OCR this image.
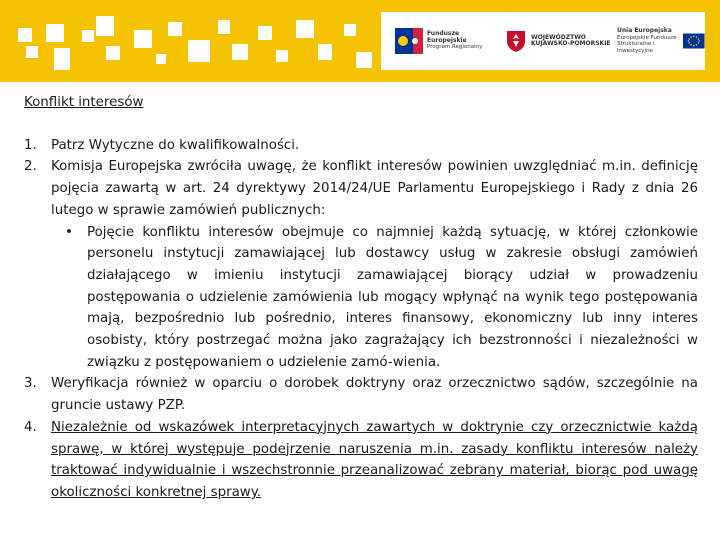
Fundusze
Europejskie
Program Regionalny
WOJEWÓDZTWO
KUJAWSKO-POMORSKIE
Unia Europejska
Europejskie Fundusze
Strukturalne i Inwestycyjne
Konflikt interesów
1.	Patrz Wytyczne do kwalifikowalności.
2.	Komisja Europejska zwróciła uwagę, że konflikt interesów powinien uwzględniać m.in. definicję pojęcia zawartą w art. 24 dyrektywy 2014/24/UE Parlamentu Europejskiego i Rady z dnia 26 lutego w sprawie zamówień publicznych:
•	Pojęcie konfliktu interesów obejmuje co najmniej każdą sytuację, w której członkowie personelu instytucji zamawiającej lub dostawcy usług w zakresie obsługi zamówień działającego w imieniu instytucji zamawiającej biorący udział w prowadzeniu postępowania o udzielenie zamówienia lub mogący wpłynąć na wynik tego postępowania mają, bezpośrednio lub pośrednio, interes finansowy, ekonomiczny lub inny interes osobisty, który postrzegać można jako zagrażający ich bezstronności i niezależności w związku z postępowaniem o udzielenie zamó-wienia.
3.	Weryfikacja również w oparciu o dorobek doktryny oraz orzecznictwo sądów, szczególnie na gruncie ustawy PZP.
4.	Niezależnie od wskazówek interpretacyjnych zawartych w doktrynie czy orzecznictwie każdą sprawę, w której występuje podejrzenie naruszenia m.in. zasady konfliktu interesów należy traktować indywidualnie i wszechstronnie przeanalizować zebrany materiał, biorąc pod uwagę okoliczności konkretnej sprawy.
